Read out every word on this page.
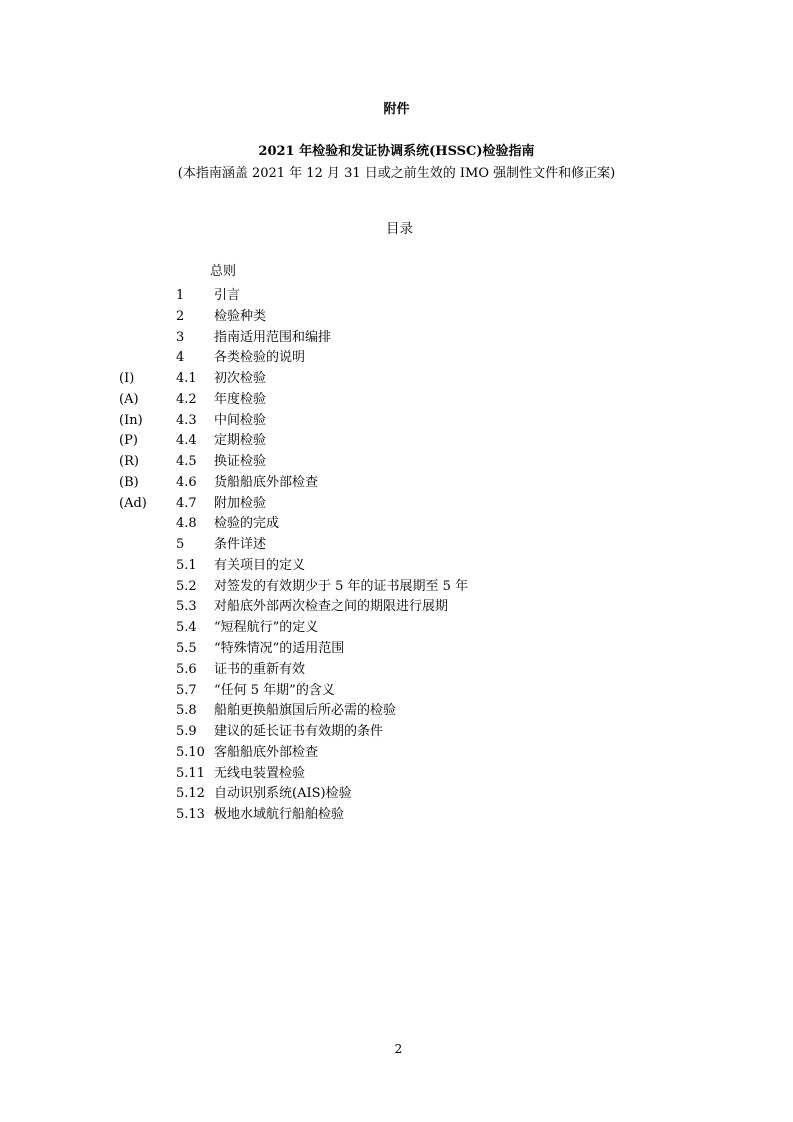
附件
2021 年检验和发证协调系统(HSSC)检验指南
(本指南涵盖 2021 年 12 月 31 日或之前生效的 IMO 强制性文件和修正案)
目录
总则
1 引言
2 检验种类
3 指南适用范围和编排
4 各类检验的说明
(I)	4.1 初次检验
(A)	4.2 年度检验
(In)	4.3 中间检验
(P)	4.4 定期检验
(R)	4.5 换证检验
(B)	4.6 货船船底外部检查
(Ad) 4.7 附加检验
4.8 检验的完成
5 条件详述
5.1 有关项目的定义
5.2 对签发的有效期少于 5 年的证书展期至 5 年
5.3 对船底外部两次检查之间的期限进行展期
5.4 “短程航行”的定义
5.5 “特殊情况”的适用范围
5.6 证书的重新有效
5.7 “任何 5 年期”的含义
5.8 船舶更换船旗国后所必需的检验
5.9 建议的延长证书有效期的条件
5.10 客船船底外部检查
5.11 无线电装置检验
5.12 自动识别系统(AIS)检验
5.13 极地水域航行船舶检验
2
